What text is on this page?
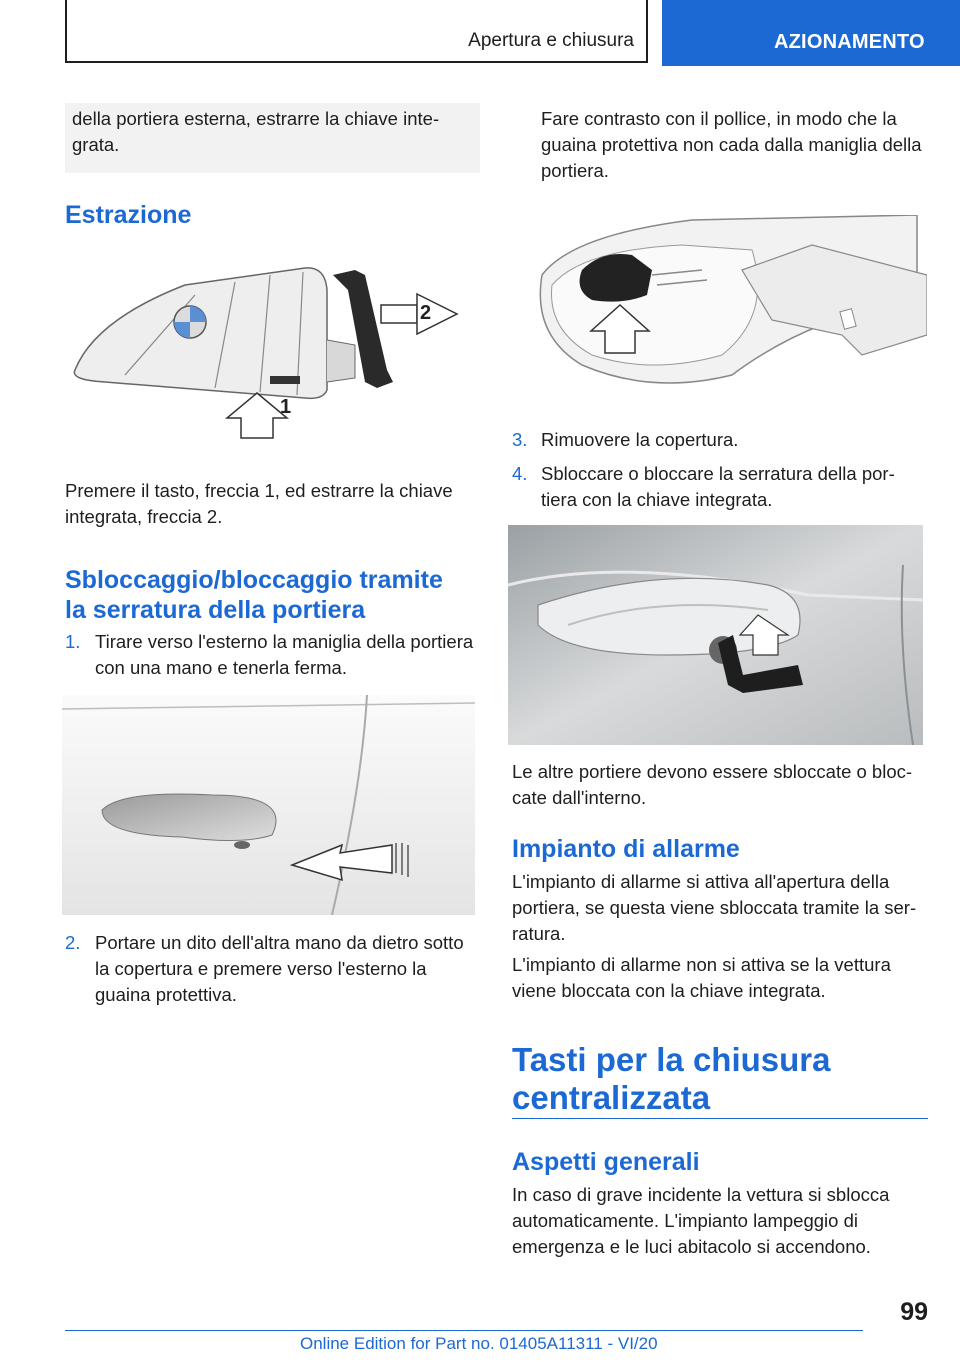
Apertura e chiusura	AZIONAMENTO
della portiera esterna, estrarre la chiave inte-
grata.
Estrazione
1
2
Premere il tasto, freccia 1, ed estrarre la chiave integrata, freccia 2.
Sbloccaggio/bloccaggio tramite
la serratura della portiera
1. Tirare verso l'esterno la maniglia della portiera con una mano e tenerla ferma.
2. Portare un dito dell'altra mano da dietro sotto la copertura e premere verso l'esterno la guaina protettiva.
Fare contrasto con il pollice, in modo che la guaina protettiva non cada dalla maniglia della portiera.
3. Rimuovere la copertura.
4. Sbloccare o bloccare la serratura della por-
tiera con la chiave integrata.
Le altre portiere devono essere sbloccate o bloc-
cate dall'interno.
Impianto di allarme
L'impianto di allarme si attiva all'apertura della portiera, se questa viene sbloccata tramite la ser-
ratura.
L'impianto di allarme non si attiva se la vettura viene bloccata con la chiave integrata.
Tasti per la chiusura
centralizzata
Aspetti generali
In caso di grave incidente la vettura si sblocca automaticamente. L'impianto lampeggio di emergenza e le luci abitacolo si accendono.
99
Online Edition for Part no. 01405A11311 - VI/20
